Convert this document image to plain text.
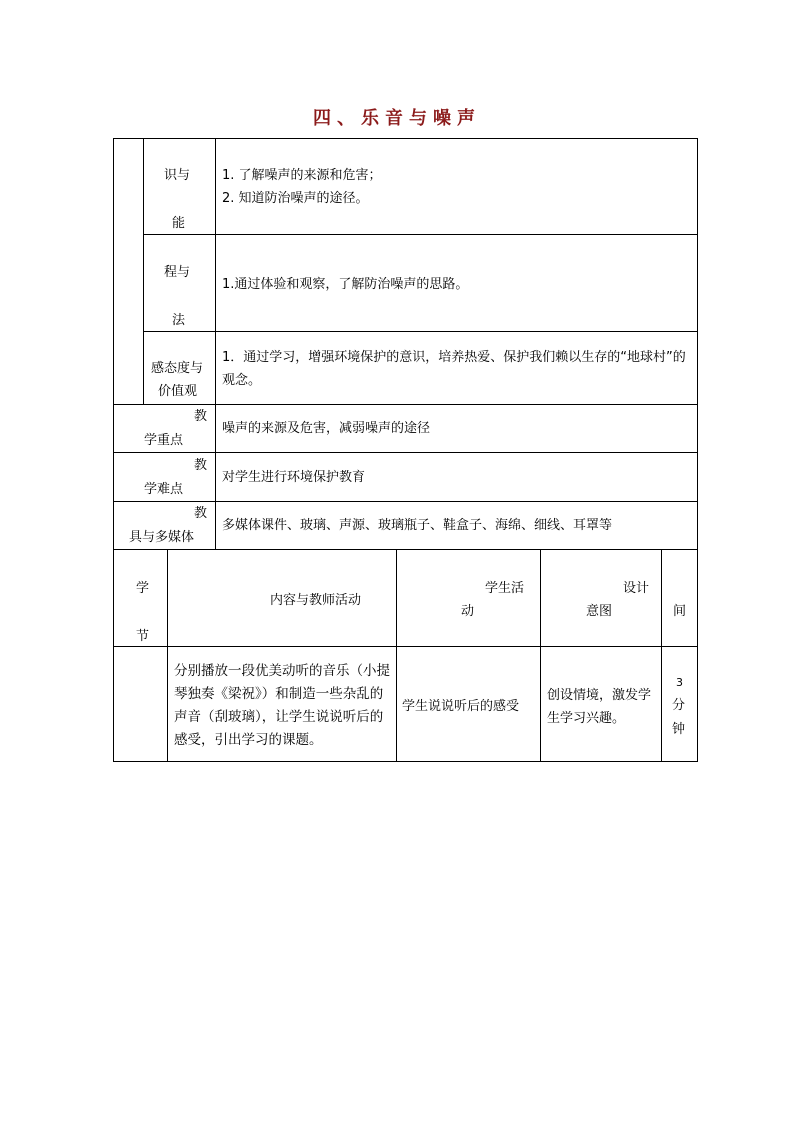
四、乐音与噪声
识与
能
1. 了解噪声的来源和危害；
2. 知道防治噪声的途径。
程与
法
1.通过体验和观察，了解防治噪声的思路。
感态度与
价值观
1．通过学习，增强环境保护的意识，培养热爱、保护我们赖以生存的“地球村”的观念。
教
学重点
噪声的来源及危害，减弱噪声的途径
教
学难点
对学生进行环境保护教育
教
具与多媒体
多媒体课件、玻璃、声源、玻璃瓶子、鞋盒子、海绵、细线、耳罩等
学
节
内容与教师活动
学生活
动
设计
意图	间
分别播放一段优美动听的音乐（小提琴独奏《梁祝》）和制造一些杂乱的声音（刮玻璃），让学生说说听后的感受，引出学习的课题。
学生说说听后的感受
创设情境，激发学生学习兴趣。
3
分
钟
